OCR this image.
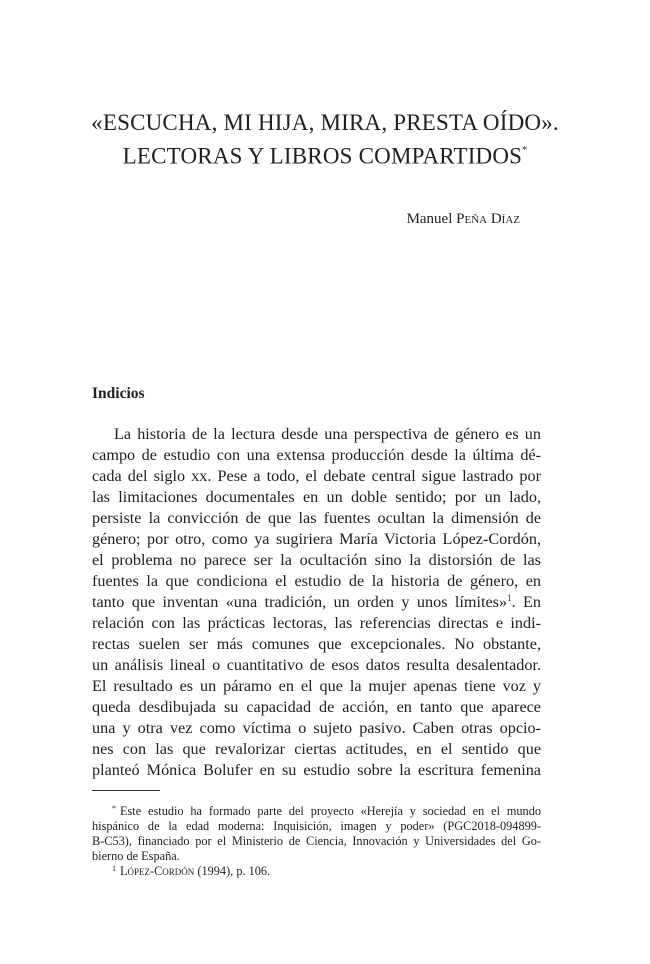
«ESCUCHA, MI HIJA, MIRA, PRESTA OÍDO».
LECTORAS Y LIBROS COMPARTIDOS*
Manuel Peña Díaz
Indicios
La historia de la lectura desde una perspectiva de género es un
campo de estudio con una extensa producción desde la última dé-
cada del siglo xx. Pese a todo, el debate central sigue lastrado por
las limitaciones documentales en un doble sentido; por un lado,
persiste la convicción de que las fuentes ocultan la dimensión de
género; por otro, como ya sugiriera María Victoria López-Cordón,
el problema no parece ser la ocultación sino la distorsión de las
fuentes la que condiciona el estudio de la historia de género, en
tanto que inventan «una tradición, un orden y unos límites»$^1$. En
relación con las prácticas lectoras, las referencias directas e indi-
rectas suelen ser más comunes que excepcionales. No obstante,
un análisis lineal o cuantitativo de esos datos resulta desalentador.
El resultado es un páramo en el que la mujer apenas tiene voz y
queda desdibujada su capacidad de acción, en tanto que aparece
una y otra vez como víctima o sujeto pasivo. Caben otras opcio-
nes con las que revalorizar ciertas actitudes, en el sentido que
planteó Mónica Bolufer en su estudio sobre la escritura femenina
* Este estudio ha formado parte del proyecto «Herejía y sociedad en el mundo
hispánico de la edad moderna: Inquisición, imagen y poder» (PGC2018-094899-
B-C53), financiado por el Ministerio de Ciencia, Innovación y Universidades del Go-
bierno de España.
$^1$ López-Cordón (1994), p. 106.
